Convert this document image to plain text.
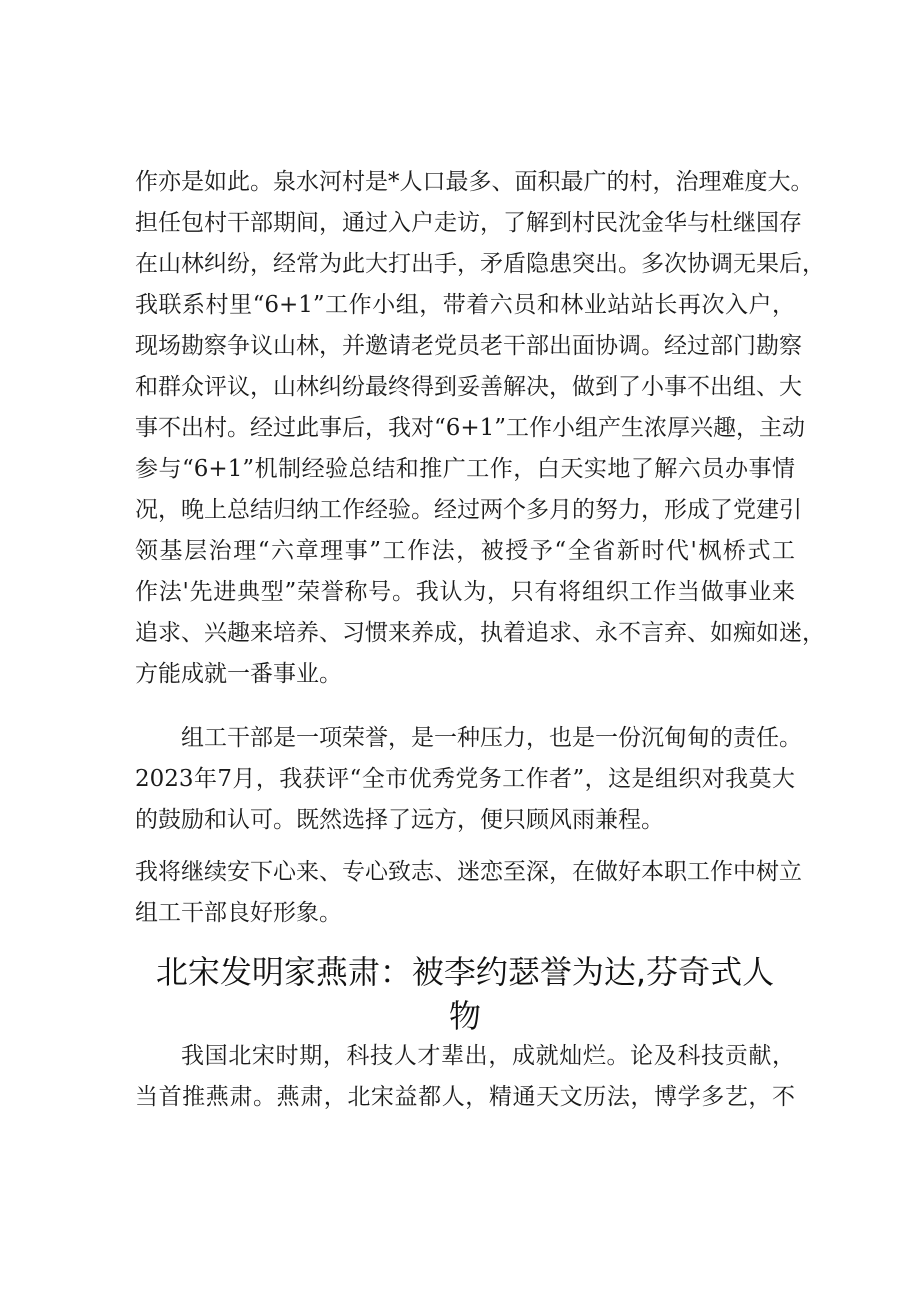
作亦是如此。泉水河村是*人口最多、面积最广的村，治理难度大。
担任包村干部期间，通过入户走访，了解到村民沈金华与杜继国存
在山林纠纷，经常为此大打出手，矛盾隐患突出。多次协调无果后，
我联系村里“6+1”工作小组，带着六员和林业站站长再次入户，
现场勘察争议山林，并邀请老党员老干部出面协调。经过部门勘察
和群众评议，山林纠纷最终得到妥善解决，做到了小事不出组、大
事不出村。经过此事后，我对“6+1”工作小组产生浓厚兴趣，主动
参与“6+1”机制经验总结和推广工作，白天实地了解六员办事情
况，晚上总结归纳工作经验。经过两个多月的努力，形成了党建引
领基层治理“六章理事”工作法，被授予“全省新时代'枫桥式工
作法'先进典型”荣誉称号。我认为，只有将组织工作当做事业来
追求、兴趣来培养、习惯来养成，执着追求、永不言弃、如痴如迷，
方能成就一番事业。
组工干部是一项荣誉，是一种压力，也是一份沉甸甸的责任。
2023年7月，我获评“全市优秀党务工作者”，这是组织对我莫大
的鼓励和认可。既然选择了远方，便只顾风雨兼程。
我将继续安下心来、专心致志、迷恋至深，在做好本职工作中树立
组工干部良好形象。
北宋发明家燕肃：被李约瑟誉为达,芬奇式人
物
我国北宋时期，科技人才辈出，成就灿烂。论及科技贡献，
当首推燕肃。燕肃，北宋益都人，精通天文历法，博学多艺，不
